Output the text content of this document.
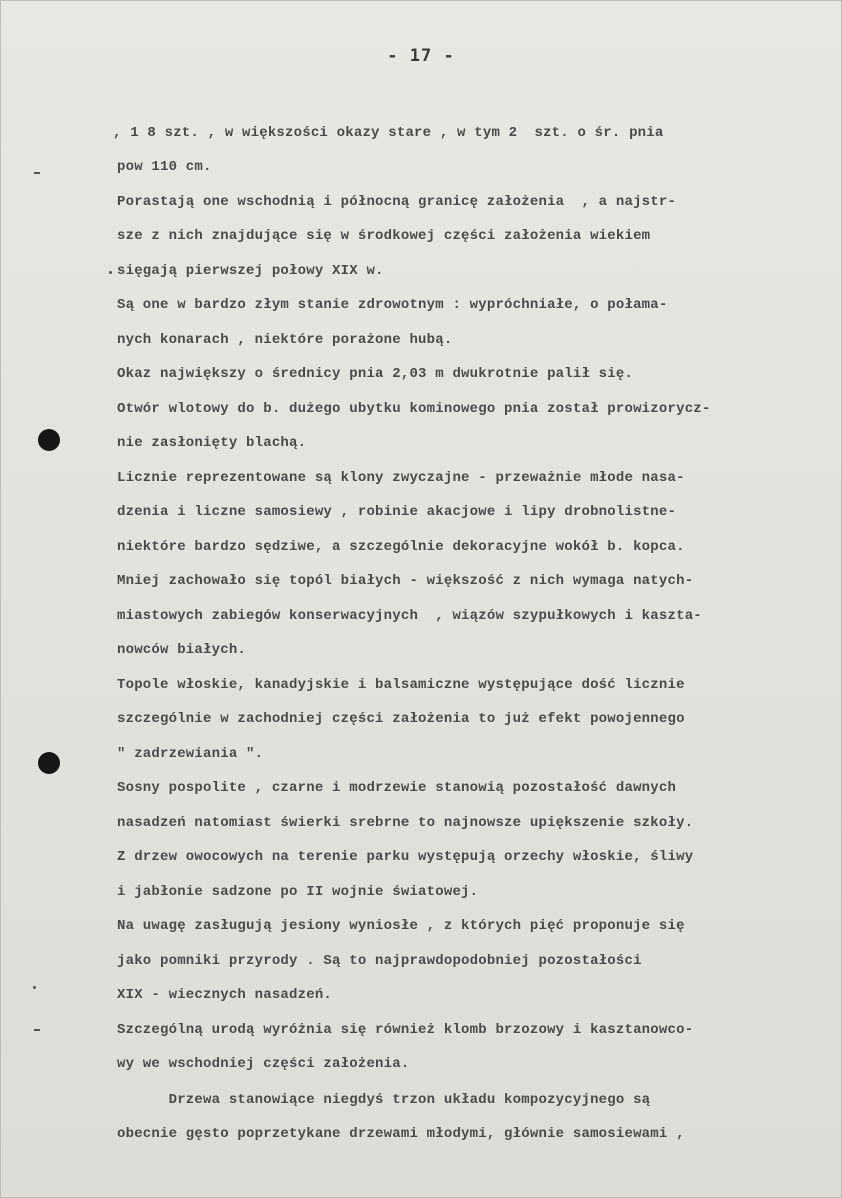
- 17 -
, 1 8 szt. , w większości okazy stare , w tym 2  szt. o śr. pnia
pow 110 cm.
Porastają one wschodnią i północną granicę założenia  , a najstr-
sze z nich znajdujące się w środkowej części założenia wiekiem
sięgają pierwszej połowy XIX w.
Są one w bardzo złym stanie zdrowotnym : wypróchniałe, o połama-
nych konarach , niektóre porażone hubą.
Okaz największy o średnicy pnia 2,03 m dwukrotnie palił się.
Otwór wlotowy do b. dużego ubytku kominowego pnia został prowizorycz-
nie zasłonięty blachą.
Licznie reprezentowane są klony zwyczajne - przeważnie młode nasa-
dzenia i liczne samosiewy , robinie akacjowe i lipy drobnolistne-
niektóre bardzo sędziwe, a szczególnie dekoracyjne wokół b. kopca.
Mniej zachowało się topól białych - większość z nich wymaga natych-
miastowych zabiegów konserwacyjnych  , wiązów szypułkowych i kaszta-
nowców białych.
Topole włoskie, kanadyjskie i balsamiczne występujące dość licznie
szczególnie w zachodniej części założenia to już efekt powojennego
" zadrzewiania ".
Sosny pospolite , czarne i modrzewie stanowią pozostałość dawnych
nasadzeń natomiast świerki srebrne to najnowsze upiększenie szkoły.
Z drzew owocowych na terenie parku występują orzechy włoskie, śliwy
i jabłonie sadzone po II wojnie światowej.
Na uwagę zasługują jesiony wyniosłe , z których pięć proponuje się
jako pomniki przyrody . Są to najprawdopodobniej pozostałości
XIX - wiecznych nasadzeń.
Szczególną urodą wyróżnia się również klomb brzozowy i kasztanowco-
wy we wschodniej części założenia.
Drzewa stanowiące niegdyś trzon układu kompozycyjnego są
obecnie gęsto poprzetykane drzewami młodymi, głównie samosiewami ,
